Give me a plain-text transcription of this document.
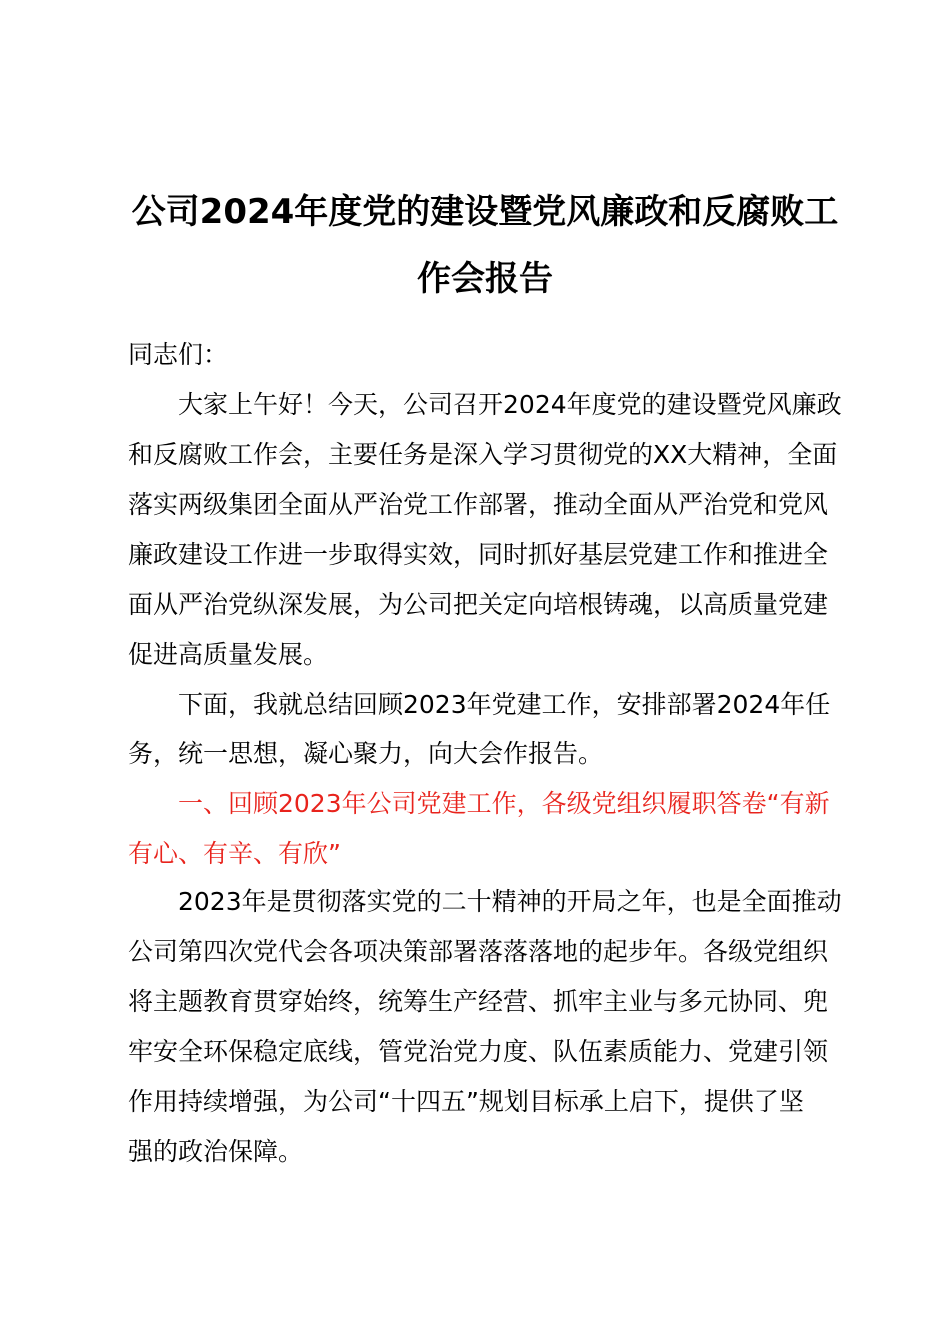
公司2024年度党的建设暨党风廉政和反腐败工
作会报告

同志们：

大家上午好！今天，公司召开2024年度党的建设暨党风廉政

和反腐败工作会，主要任务是深入学习贯彻党的XX大精神，全面

落实两级集团全面从严治党工作部署，推动全面从严治党和党风

廉政建设工作进一步取得实效，同时抓好基层党建工作和推进全

面从严治党纵深发展，为公司把关定向培根铸魂，以高质量党建

促进高质量发展。

下面，我就总结回顾2023年党建工作，安排部署2024年任

务，统一思想，凝心聚力，向大会作报告。

一、回顾2023年公司党建工作，各级党组织履职答卷“有新

有心、有辛、有欣”

2023年是贯彻落实党的二十精神的开局之年，也是全面推动

公司第四次党代会各项决策部署落落落地的起步年。各级党组织

将主题教育贯穿始终，统筹生产经营、抓牢主业与多元协同、兜

牢安全环保稳定底线，管党治党力度、队伍素质能力、党建引领

作用持续增强，为公司“十四五”规划目标承上启下，提供了坚

强的政治保障。
